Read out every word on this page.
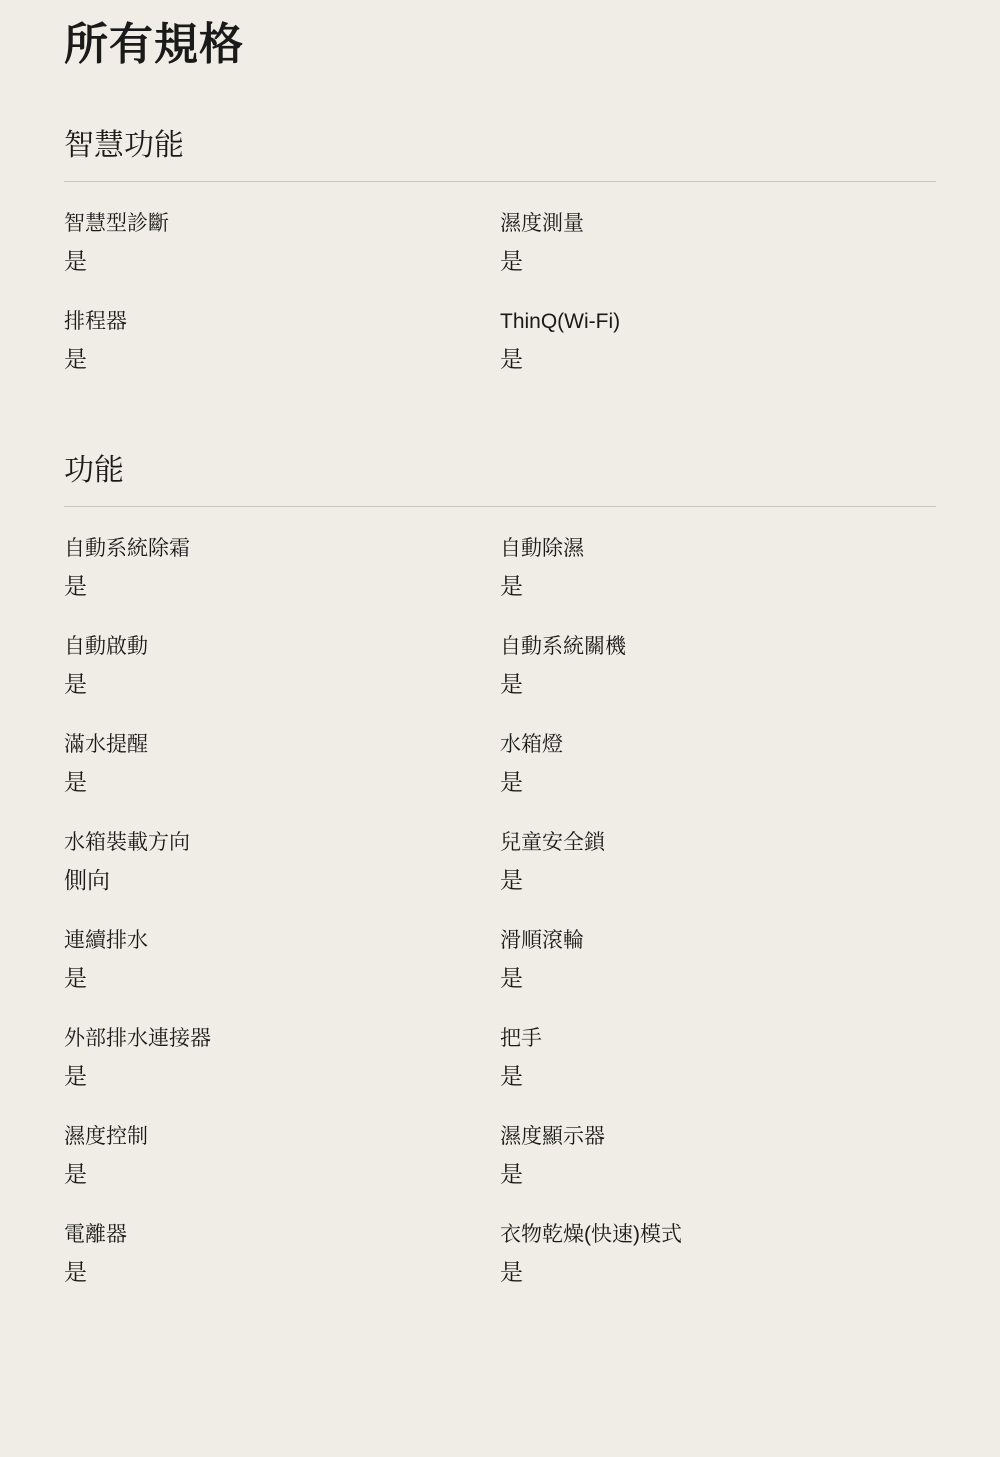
所有規格
智慧功能
智慧型診斷
是
濕度測量
是
排程器
是
ThinQ(Wi-Fi)
是
功能
自動系統除霜
是
自動除濕
是
自動啟動
是
自動系統關機
是
滿水提醒
是
水箱燈
是
水箱裝載方向
側向
兒童安全鎖
是
連續排水
是
滑順滾輪
是
外部排水連接器
是
把手
是
濕度控制
是
濕度顯示器
是
電離器
是
衣物乾燥(快速)模式
是
